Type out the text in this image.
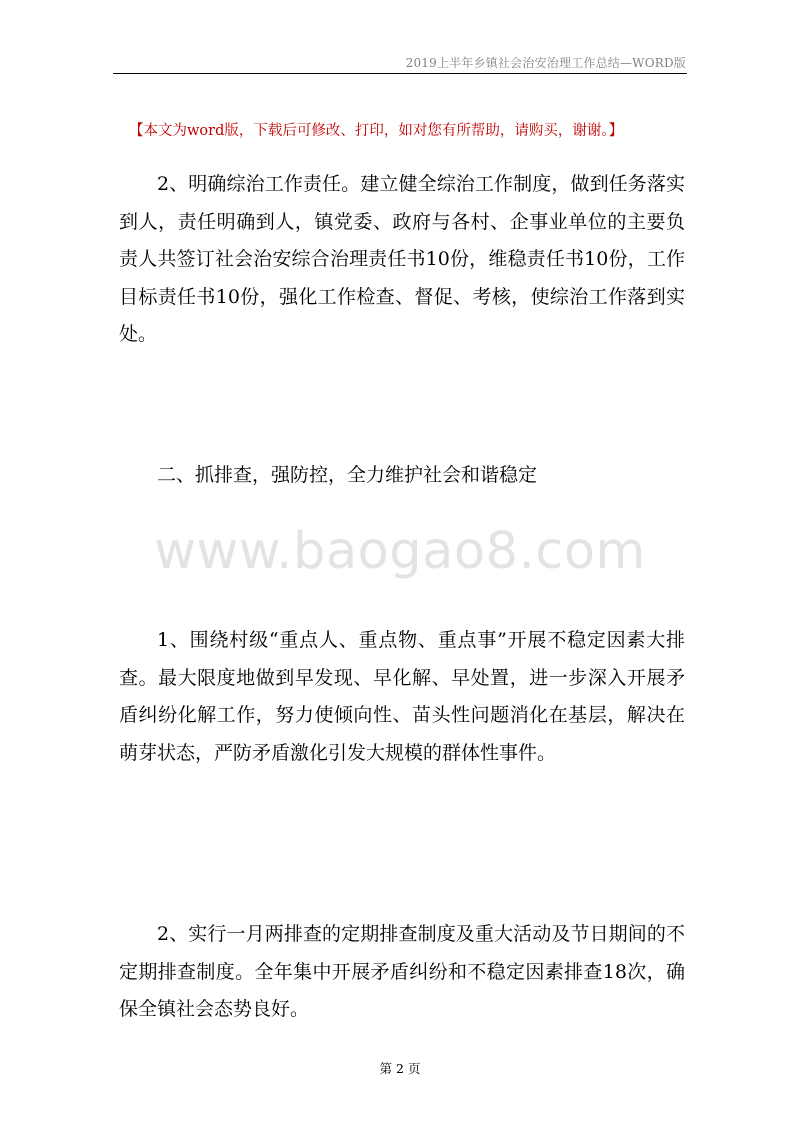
2019上半年乡镇社会治安治理工作总结—WORD版
【本文为word版，下载后可修改、打印，如对您有所帮助，请购买，谢谢。】
2、明确综治工作责任。建立健全综治工作制度，做到任务落实到人，责任明确到人，镇党委、政府与各村、企事业单位的主要负责人共签订社会治安综合治理责任书10份，维稳责任书10份，工作目标责任书10份，强化工作检查、督促、考核，使综治工作落到实处。
二、抓排查，强防控，全力维护社会和谐稳定
www.baogao8.com
1、围绕村级“重点人、重点物、重点事”开展不稳定因素大排查。最大限度地做到早发现、早化解、早处置，进一步深入开展矛盾纠纷化解工作，努力使倾向性、苗头性问题消化在基层，解决在萌芽状态，严防矛盾激化引发大规模的群体性事件。
2、实行一月两排查的定期排查制度及重大活动及节日期间的不定期排查制度。全年集中开展矛盾纠纷和不稳定因素排查18次，确保全镇社会态势良好。
第 2 页
